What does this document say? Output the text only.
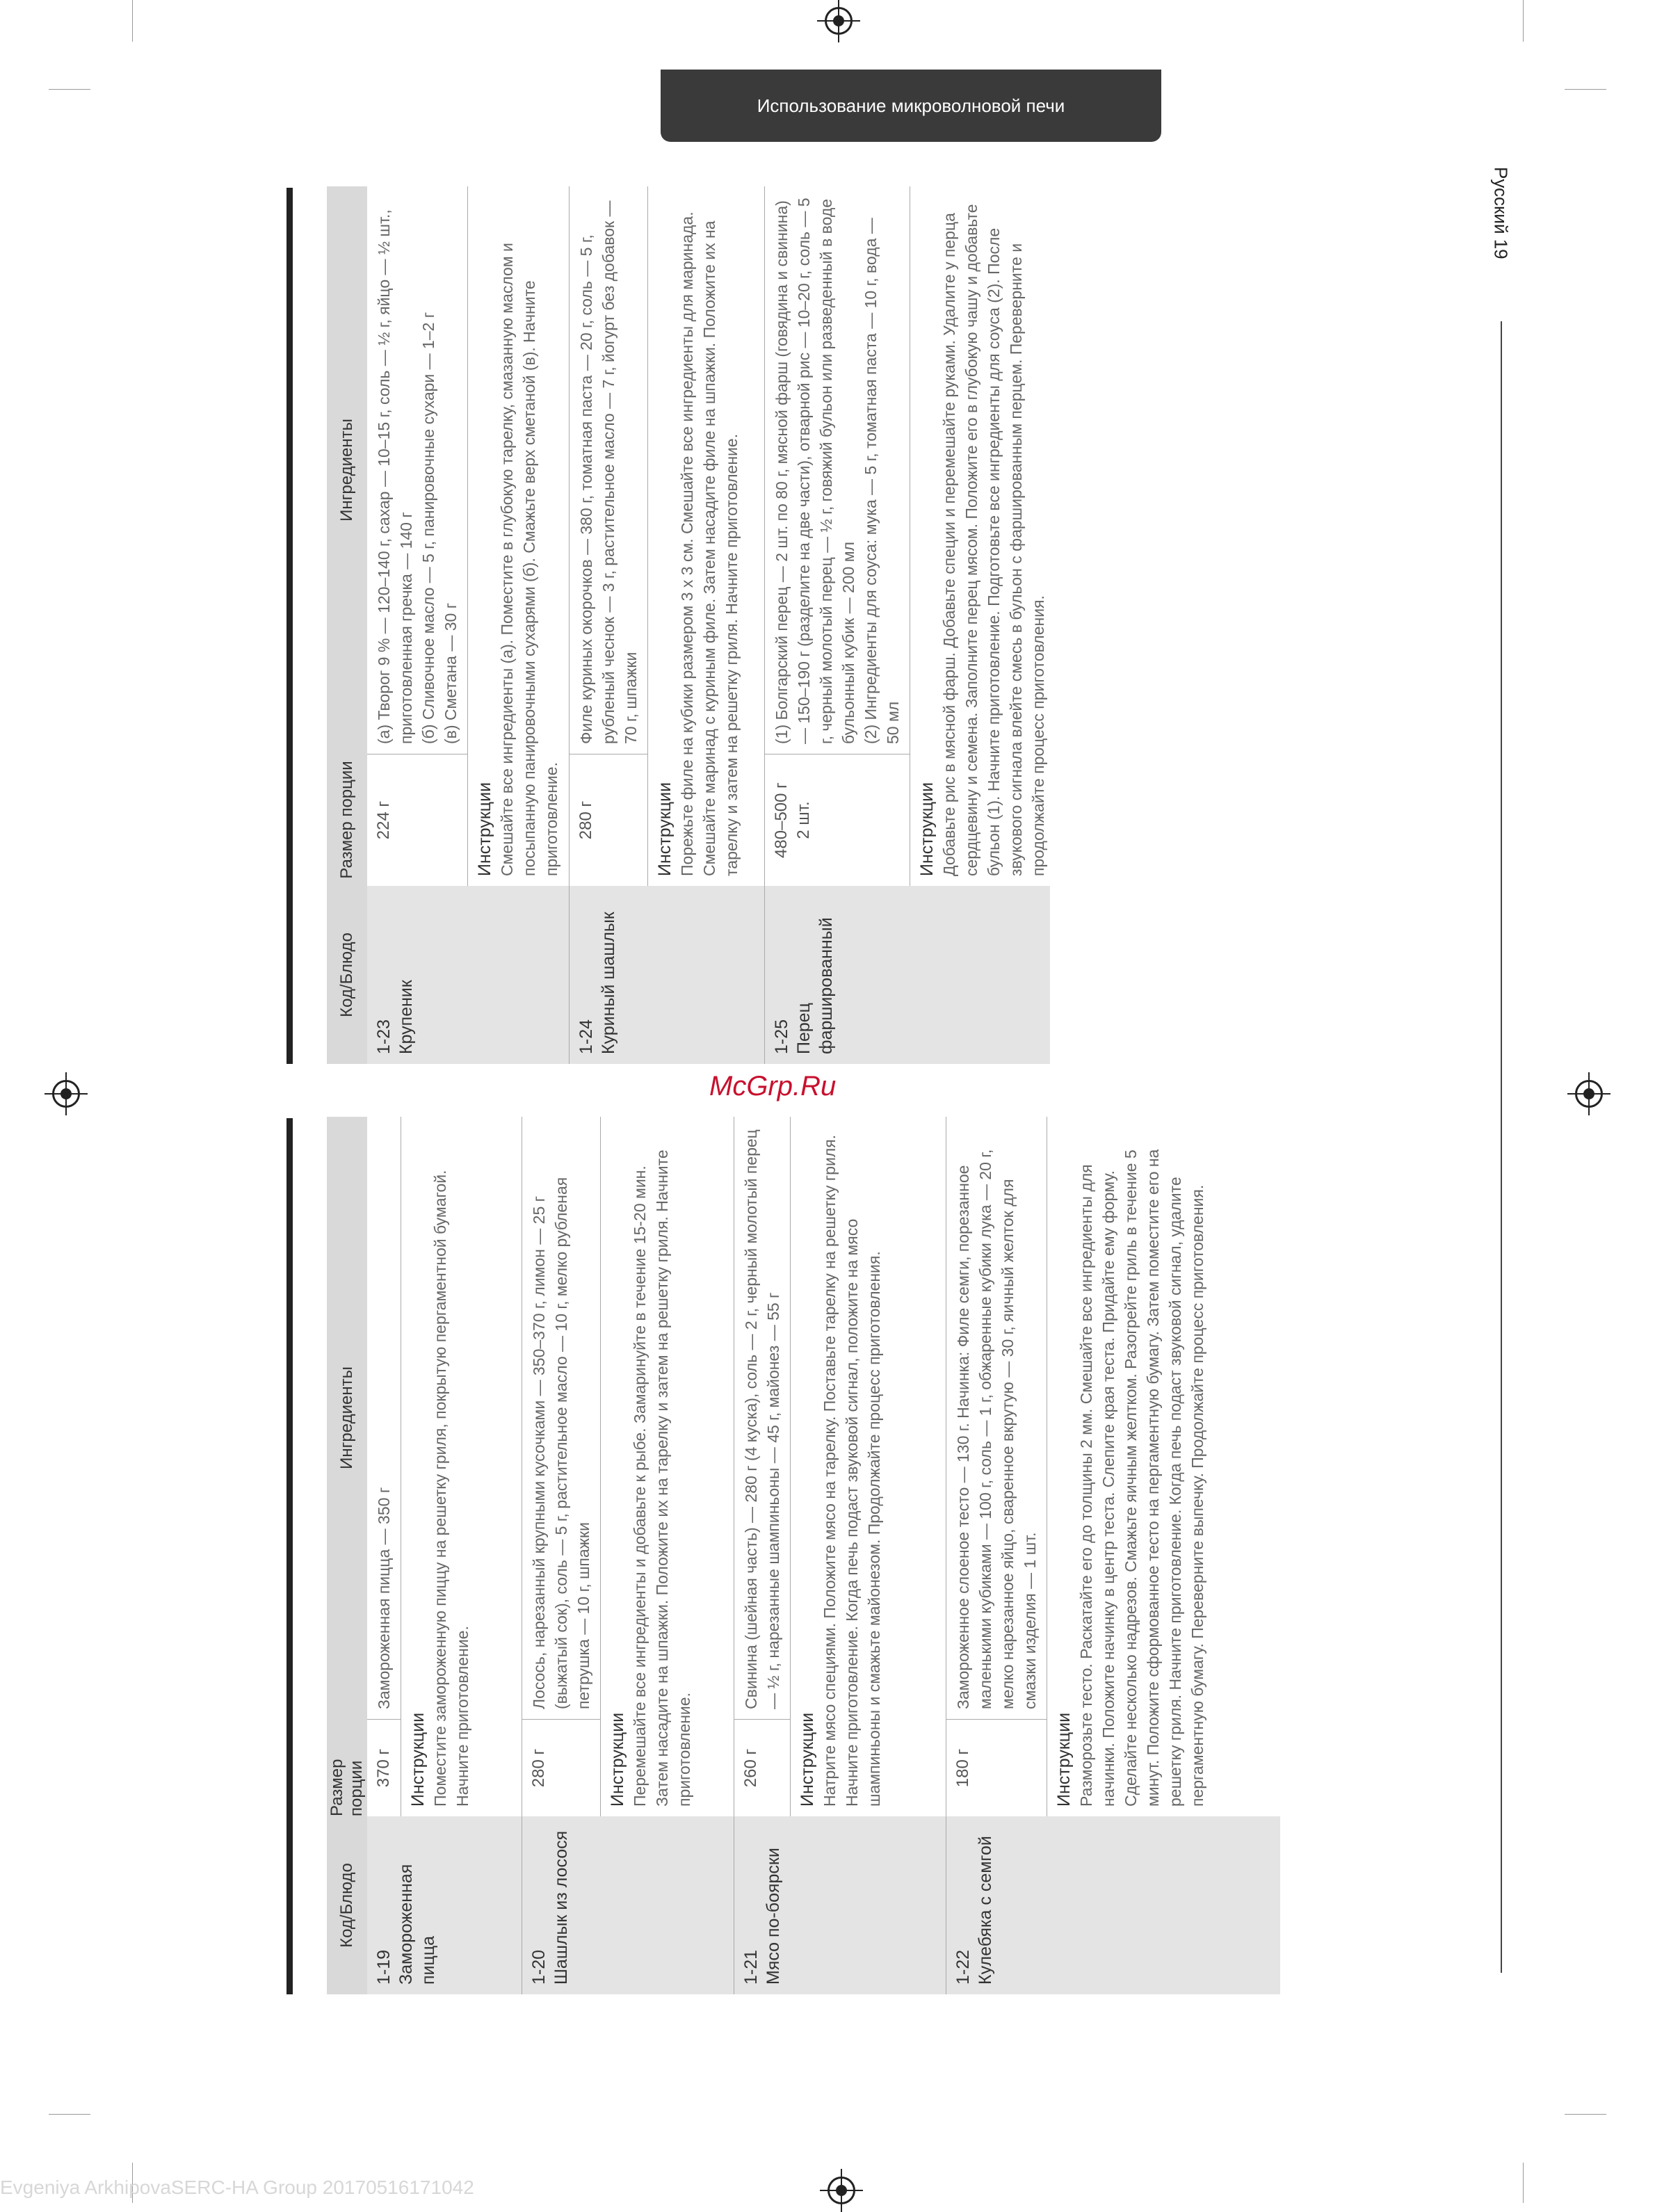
Использование микроволновой печи
Русский 19
Код/Блюдо
Размер порции
Ингредиенты
1-19 Замороженная пицца
370 г

Замороженная пицца — 350 г

Инструкции Поместите замороженную пиццу на решетку гриля, покрытую пергаментной бумагой. Начните приготовление.
1-20 Шашлык из лосося
280 г

Лосось, нарезанный крупными кусочками — 350–370 г, лимон — 25 г (выжатый сок), соль — 5 г, растительное масло — 10 г, мелко рубленая петрушка — 10 г, шпажки

Инструкции Перемешайте все ингредиенты и добавьте к рыбе. Замаринуйте в течение 15-20 мин. Затем насадите на шпажки. Положите их на тарелку и затем на решетку гриля. Начните приготовление.
1-21 Мясо по-боярски
260 г

Свинина (шейная часть) — 280 г (4 куска), соль — 2 г, черный молотый перец — ½ г, нарезанные шампиньоны — 45 г, майонез — 55 г

Инструкции Натрите мясо специями. Положите мясо на тарелку. Поставьте тарелку на решетку гриля. Начните приготовление. Когда печь подаст звуковой сигнал, положите на мясо шампиньоны и смажьте майонезом. Продолжайте процесс приготовления.
1-22 Кулебяка с семгой
180 г

Замороженное слоеное тесто — 130 г. Начинка: Филе семги, порезанное маленькими кубиками — 100 г, соль — 1 г, обжаренные кубики лука — 20 г, мелко нарезанное яйцо, сваренное вкрутую — 30 г, яичный желток для смазки изделия — 1 шт.

Инструкции Разморозьте тесто. Раскатайте его до толщины 2 мм. Смешайте все ингредиенты для начинки. Положите начинку в центр теста. Слепите края теста. Придайте ему форму. Сделайте несколько надрезов. Смажьте яичным желтком. Разогрейте гриль в течение 5 минут. Положите сформованное тесто на пергаментную бумагу. Затем поместите его на решетку гриля. Начните приготовление. Когда печь подаст звуковой сигнал, удалите пергаментную бумагу. Переверните выпечку. Продолжайте процесс приготовления.
Код/Блюдо
Размер порции
Ингредиенты
1-23 Крупеник
224 г

(а) Творог 9 % — 120–140 г, сахар — 10–15 г, соль — ½ г, яйцо — ½ шт., приготовленная гречка — 140 г (б) Сливочное масло — 5 г, панировочные сухари — 1–2 г (в) Сметана — 30 г

Инструкции Смешайте все ингредиенты (а). Поместите в глубокую тарелку, смазанную маслом и посыпанную панировочными сухарями (б). Смажьте верх сметаной (в). Начните приготовление.
1-24 Куриный шашлык
280 г

Филе куриных окорочков — 380 г, томатная паста — 20 г, соль — 5 г, рубленый чеснок — 3 г, растительное масло — 7 г, йогурт без добавок — 70 г, шпажки

Инструкции Порежьте филе на кубики размером 3 x 3 см. Смешайте все ингредиенты для маринада. Смешайте маринад с куриным филе. Затем насадите филе на шпажки. Положите их на тарелку и затем на решетку гриля. Начните приготовление.
1-25 Перец фаршированный
480–500 г
2 шт.

(1) Болгарский перец — 2 шт. по 80 г, мясной фарш (говядина и свинина) — 150–190 г (разделите на две части), отварной рис — 10–20 г, соль — 5 г, черный молотый перец — ½ г, говяжий бульон или разведенный в воде бульонный кубик — 200 мл (2) Ингредиенты для соуса: мука — 5 г, томатная паста — 10 г, вода — 50 мл

Инструкции Добавьте рис в мясной фарш. Добавьте специи и перемешайте руками. Удалите у перца сердцевину и семена. Заполните перец мясом. Положите его в глубокую чашу и добавьте бульон (1). Начните приготовление. Подготовьте все ингредиенты для соуса (2). После звукового сигнала влейте смесь в бульон с фаршированным перцем. Переверните и продолжайте процесс приготовления.
McGrp.Ru
Evgeniya ArkhipovaSERC-HA Group 20170516171042
